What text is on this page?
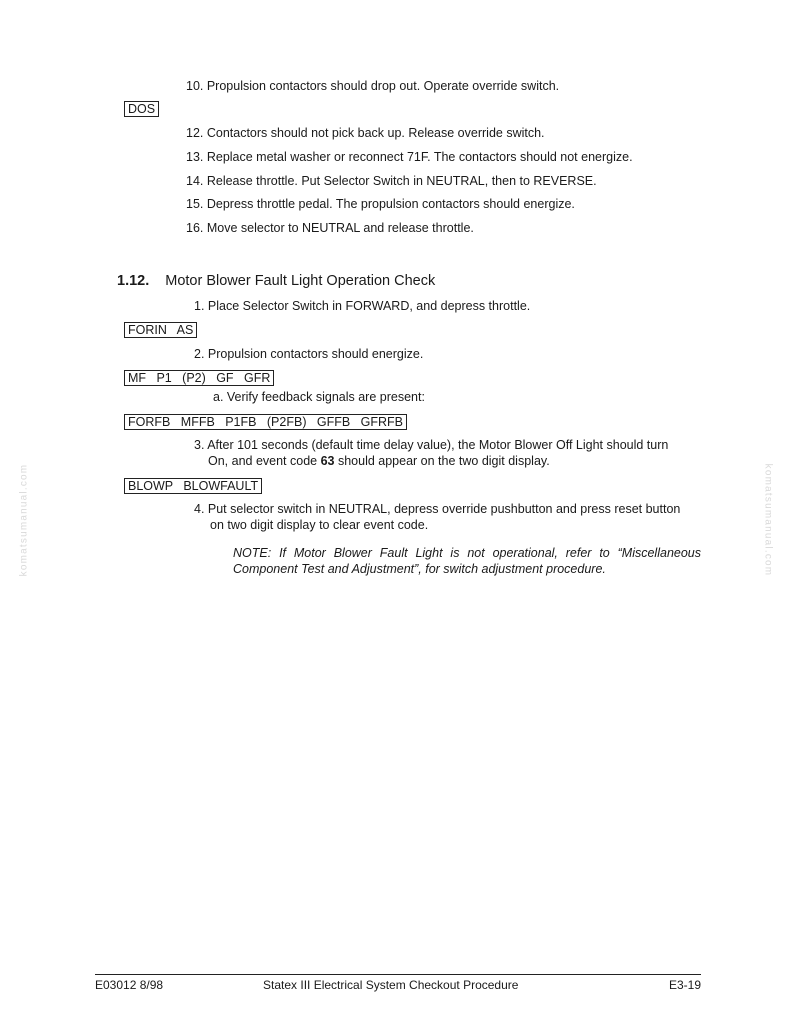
10. Propulsion contactors should drop out. Operate override switch.
DOS
12. Contactors should not pick back up. Release override switch.
13. Replace metal washer or reconnect 71F. The contactors should not energize.
14. Release throttle. Put Selector Switch in NEUTRAL, then to REVERSE.
15. Depress throttle pedal. The propulsion contactors should energize.
16. Move selector to NEUTRAL and release throttle.
1.12. Motor Blower Fault Light Operation Check
1. Place Selector Switch in FORWARD, and depress throttle.
FORIN   AS
2. Propulsion contactors should energize.
MF   P1   (P2)   GF   GFR
a. Verify feedback signals are present:
FORFB   MFFB   P1FB   (P2FB)   GFFB   GFRFB
3. After 101 seconds (default time delay value), the Motor Blower Off Light should turn
On, and event code 63 should appear on the two digit display.
BLOWP   BLOWFAULT
4. Put selector switch in NEUTRAL, depress override pushbutton and press reset button
on two digit display to clear event code.
NOTE: If Motor Blower Fault Light is not operational, refer to “Miscellaneous Component Test and Adjustment”, for switch adjustment procedure.
komatsumanual.com	komatsumanual.com
E03012 8/98	Statex III Electrical System Checkout Procedure	E3-19
